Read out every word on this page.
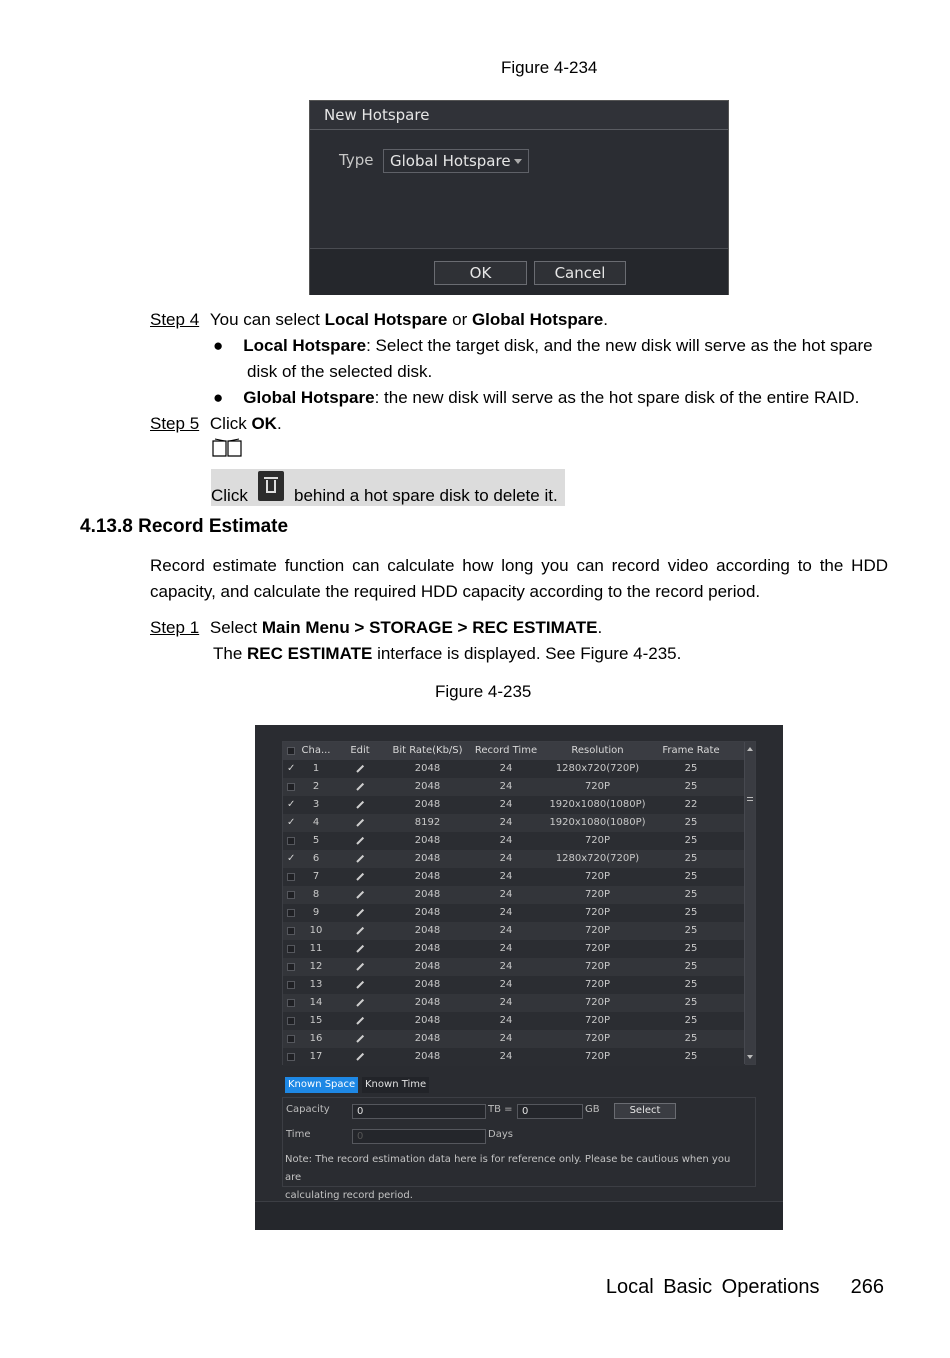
Figure 4-234
New Hotspare
Type	Global Hotspare
OK	Cancel
Step 4 You can select Local Hotspare or Global Hotspare.
● Local Hotspare: Select the target disk, and the new disk will serve as the hot spare
disk of the selected disk.
● Global Hotspare: the new disk will serve as the hot spare disk of the entire RAID.
Step 5 Click OK.
Click	behind a hot spare disk to delete it.
4.13.8 Record Estimate
Record estimate function can calculate how long you can record video according to the HDD
capacity, and calculate the required HDD capacity according to the record period.
Step 1 Select Main Menu > STORAGE > REC ESTIMATE.
The REC ESTIMATE interface is displayed. See Figure 4-235.
Figure 4-235
Cha...	Edit	Bit Rate(Kb/S)	Record Time	Resolution	Frame Rate
✓	1	2048	24	1280x720(720P)	25
2	2048	24	720P	25
✓	3	2048	24	1920x1080(1080P)	22
✓	4	8192	24	1920x1080(1080P)	25
5	2048	24	720P	25
✓	6	2048	24	1280x720(720P)	25
7	2048	24	720P	25
8	2048	24	720P	25
9	2048	24	720P	25
10	2048	24	720P	25
11	2048	24	720P	25
12	2048	24	720P	25
13	2048	24	720P	25
14	2048	24	720P	25
15	2048	24	720P	25
16	2048	24	720P	25
17	2048	24	720P	25
Known Space Known Time
Capacity	0	TB = 0	GB	Select
Time	0	Days
Note: The record estimation data here is for reference only. Please be cautious when you are
calculating record period.
Local Basic Operations 266
